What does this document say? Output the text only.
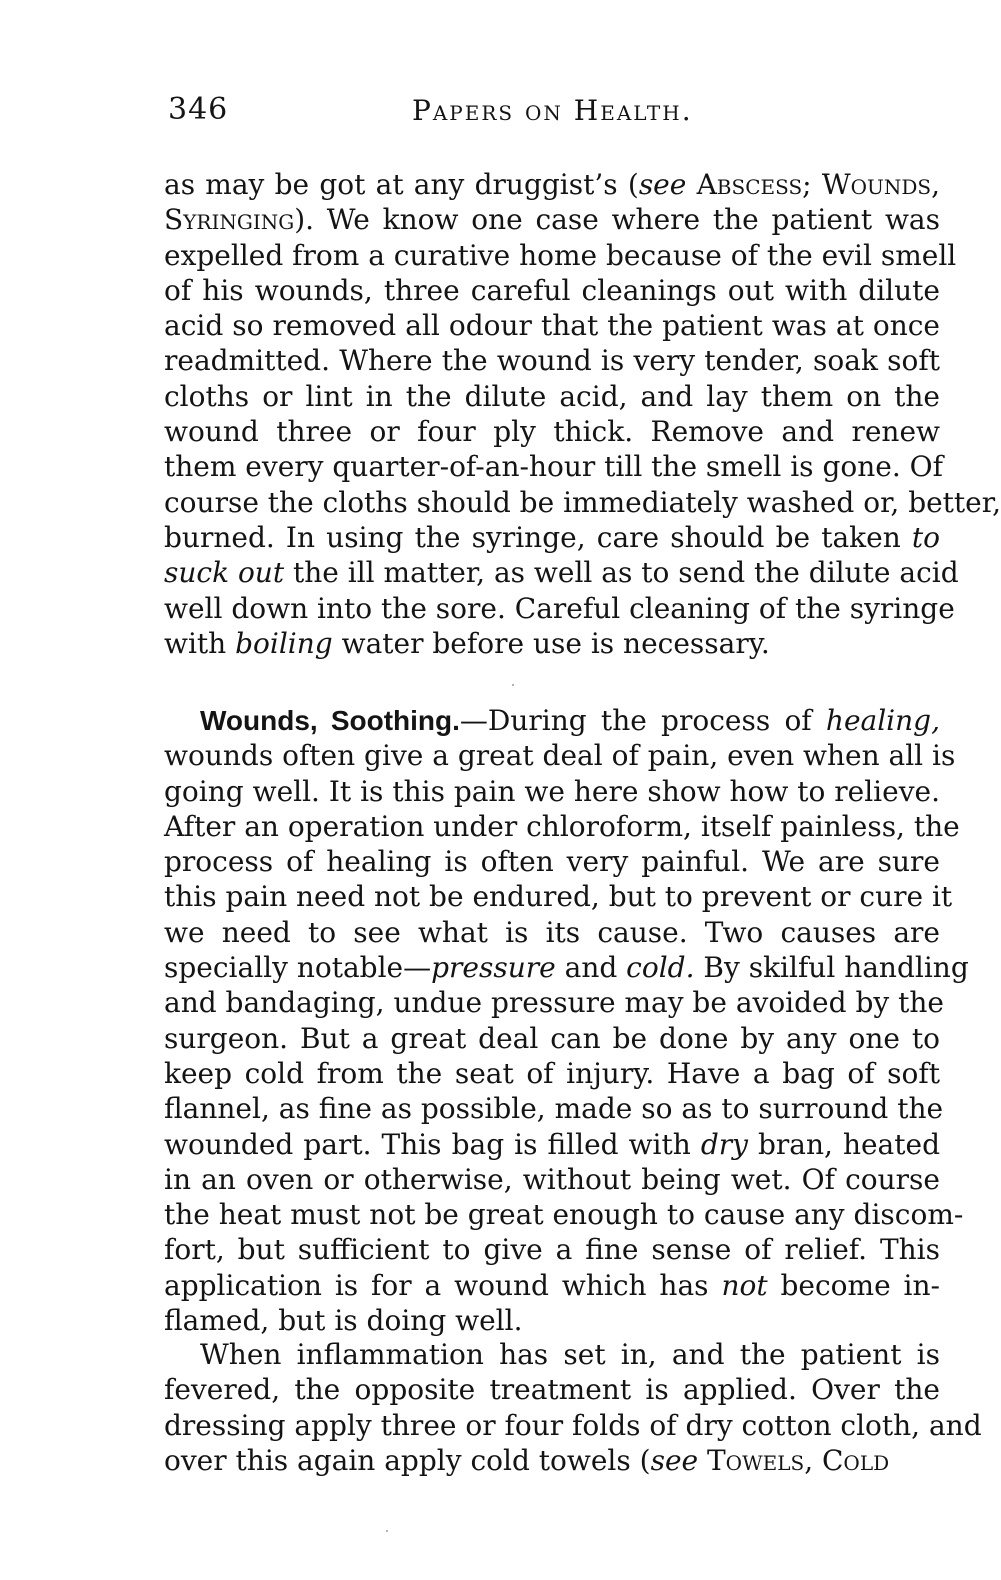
346	Papers on Health.
as may be got at any druggist’s (see Abscess; Wounds,
Syringing). We know one case where the patient was
expelled from a curative home because of the evil smell
of his wounds, three careful cleanings out with dilute
acid so removed all odour that the patient was at once
readmitted. Where the wound is very tender, soak soft
cloths or lint in the dilute acid, and lay them on the
wound three or four ply thick. Remove and renew
them every quarter-of-an-hour till the smell is gone. Of
course the cloths should be immediately washed or, better,
burned. In using the syringe, care should be taken to
suck out the ill matter, as well as to send the dilute acid
well down into the sore. Careful cleaning of the syringe
with boiling water before use is necessary.
Wounds, Soothing.—During the process of healing,
wounds often give a great deal of pain, even when all is
going well. It is this pain we here show how to relieve.
After an operation under chloroform, itself painless, the
process of healing is often very painful. We are sure
this pain need not be endured, but to prevent or cure it
we need to see what is its cause. Two causes are
specially notable—pressure and cold. By skilful handling
and bandaging, undue pressure may be avoided by the
surgeon. But a great deal can be done by any one to
keep cold from the seat of injury. Have a bag of soft
flannel, as fine as possible, made so as to surround the
wounded part. This bag is filled with dry bran, heated
in an oven or otherwise, without being wet. Of course
the heat must not be great enough to cause any discom-
fort, but sufficient to give a fine sense of relief. This
application is for a wound which has not become in-
flamed, but is doing well.
When inflammation has set in, and the patient is
fevered, the opposite treatment is applied. Over the
dressing apply three or four folds of dry cotton cloth, and
over this again apply cold towels (see Towels, Cold
